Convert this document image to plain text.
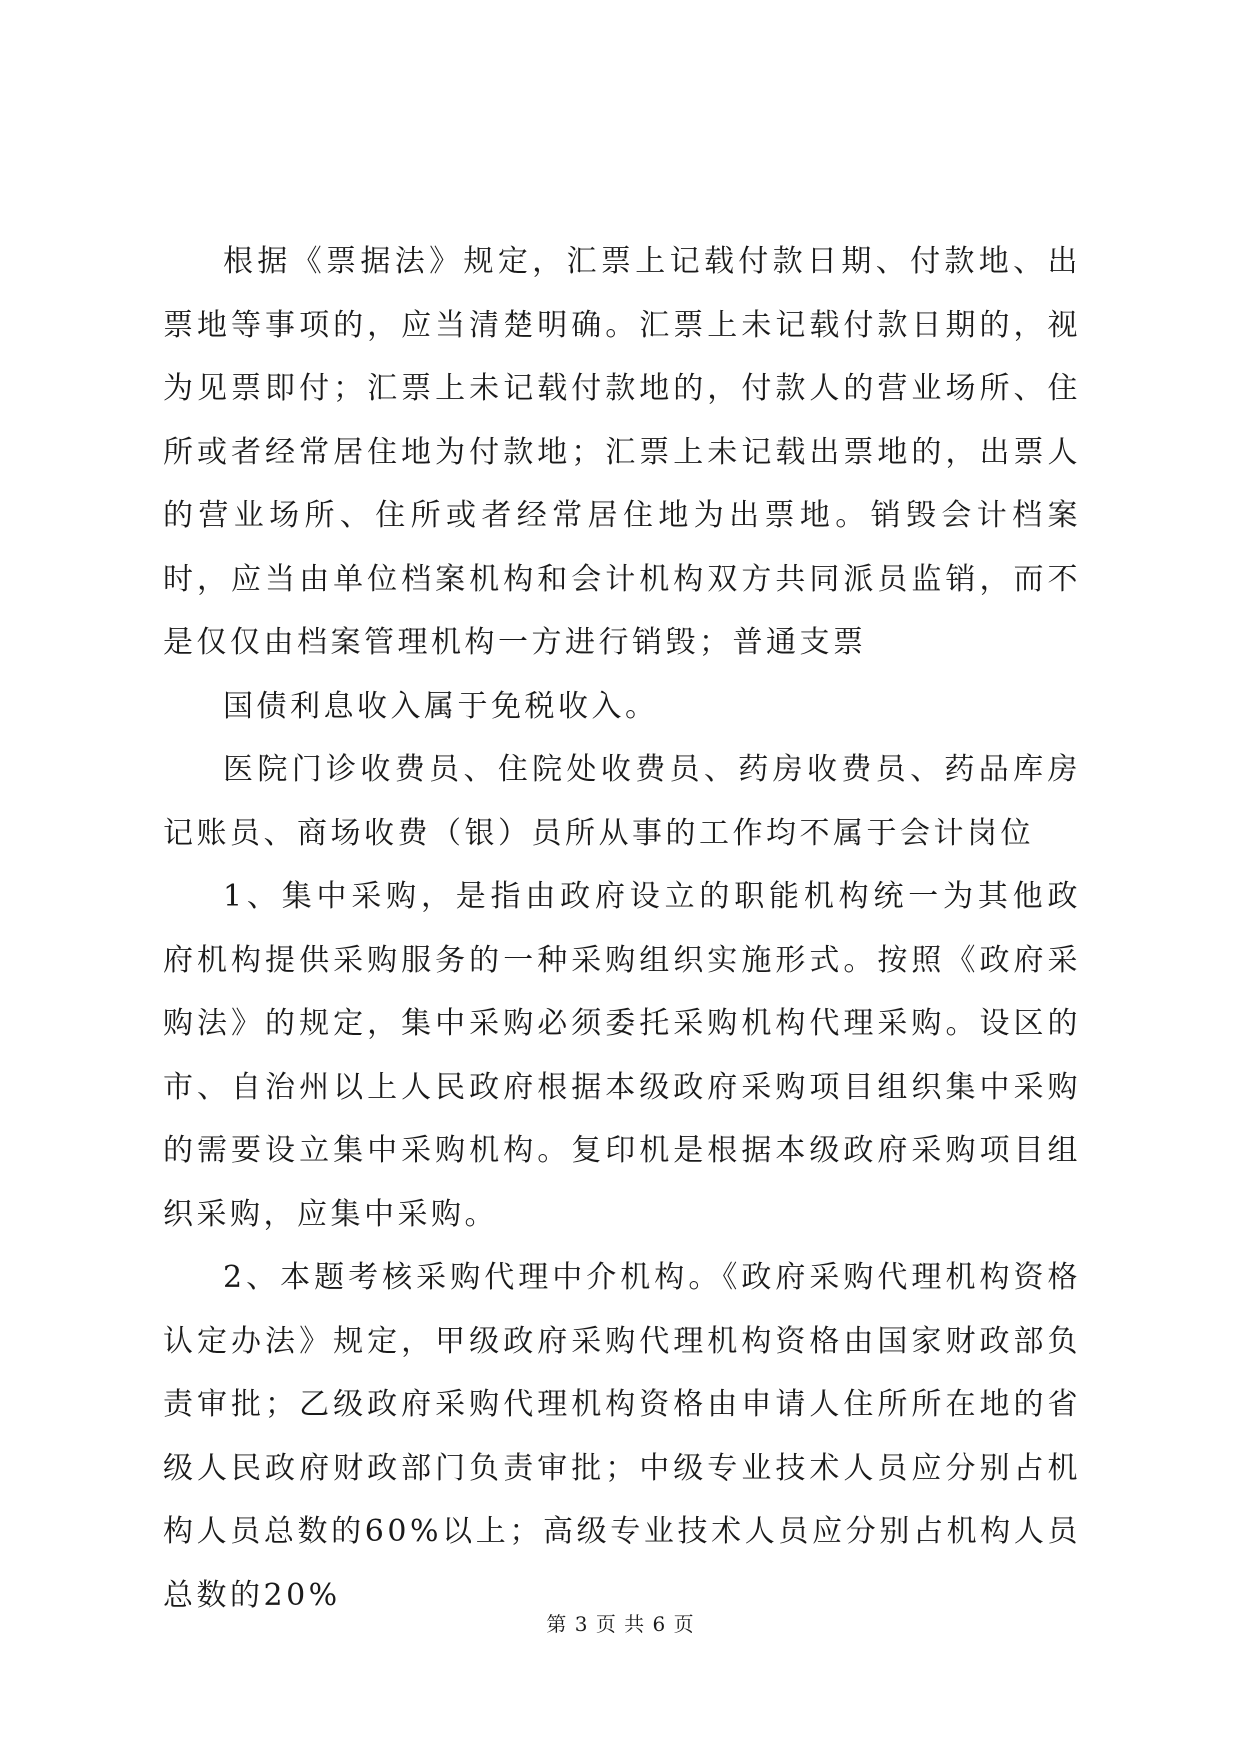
根据《票据法》规定，汇票上记载付款日期、付款地、出票地等事项的，应当清楚明确。汇票上未记载付款日期的，视为见票即付；汇票上未记载付款地的，付款人的营业场所、住所或者经常居住地为付款地；汇票上未记载出票地的，出票人的营业场所、住所或者经常居住地为出票地。销毁会计档案时，应当由单位档案机构和会计机构双方共同派员监销，而不是仅仅由档案管理机构一方进行销毁；普通支票

国债利息收入属于免税收入。

医院门诊收费员、住院处收费员、药房收费员、药品库房记账员、商场收费（银）员所从事的工作均不属于会计岗位

1、集中采购，是指由政府设立的职能机构统一为其他政府机构提供采购服务的一种采购组织实施形式。按照《政府采购法》的规定，集中采购必须委托采购机构代理采购。设区的市、自治州以上人民政府根据本级政府采购项目组织集中采购的需要设立集中采购机构。复印机是根据本级政府采购项目组织采购，应集中采购。

2、本题考核采购代理中介机构。《政府采购代理机构资格认定办法》规定，甲级政府采购代理机构资格由国家财政部负责审批；乙级政府采购代理机构资格由申请人住所所在地的省级人民政府财政部门负责审批；中级专业技术人员应分别占机构人员总数的60%以上；高级专业技术人员应分别占机构人员总数的20%

第 3 页 共 6 页
